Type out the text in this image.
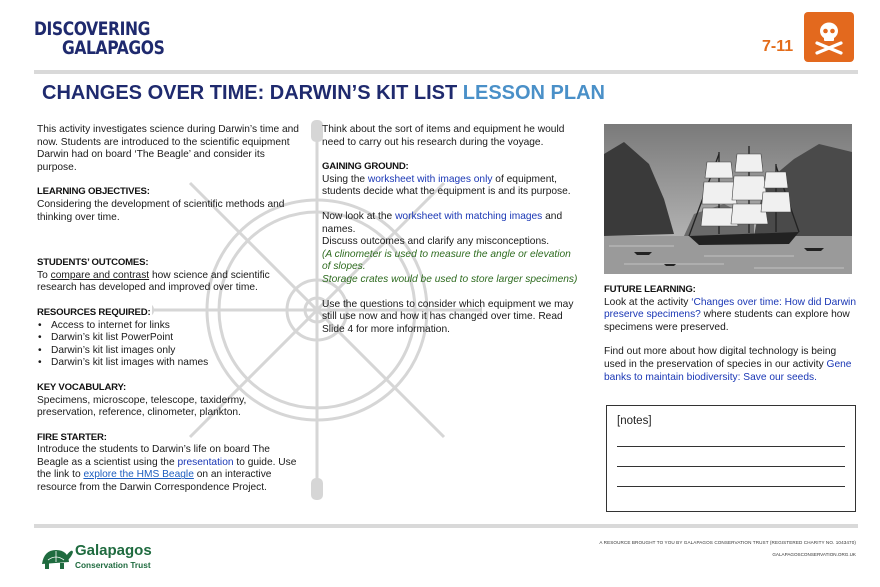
DISCOVERING
GALAPAGOS	7-11
CHANGES OVER TIME: DARWIN’S KIT LIST LESSON PLAN

This activity investigates science during Darwin’s time and now. Students are introduced to the scientific equipment Darwin had on board ‘The Beagle’ and consider its purpose.

LEARNING OBJECTIVES:

Considering the development of scientific methods and thinking over time.

STUDENTS’ OUTCOMES:

To compare and contrast how science and scientific research has developed and improved over time.

RESOURCES REQUIRED:
• Access to internet for links
• Darwin’s kit list PowerPoint
• Darwin’s kit list images only
• Darwin’s kit list images with names
KEY VOCABULARY:

Specimens, microscope, telescope, taxidermy, preservation, reference, clinometer, plankton.

FIRE STARTER:

Introduce the students to Darwin’s life on board The Beagle as a scientist using the presentation to guide. Use the link to explore the HMS Beagle on an interactive resource from the Darwin Correspondence Project.

Think about the sort of items and equipment he would need to carry out his research during the voyage.

GAINING GROUND:

Using the worksheet with images only of equipment, students decide what the equipment is and its purpose.

Now look at the worksheet with matching images and names.
Discuss outcomes and clarify any misconceptions.
(A clinometer is used to measure the angle or elevation of slopes.
Storage crates would be used to store larger specimens)

Use the questions to consider which equipment we may still use now and how it has changed over time. Read Slide 4 for more information.

FUTURE LEARNING:

Look at the activity ‘Changes over time: How did Darwin preserve specimens? where students can explore how specimens were preserved.

Find out more about how digital technology is being used in the preservation of species in our activity Gene banks to maintain biodiversity: Save our seeds.

[notes]
Galapagos
Conservation Trust
A RESOURCE BROUGHT TO YOU BY GALAPAGOS CONSERVATION TRUST (REGISTERED CHARITY NO. 1043470)
GALAPAGOSCONSERVATION.ORG.UK
